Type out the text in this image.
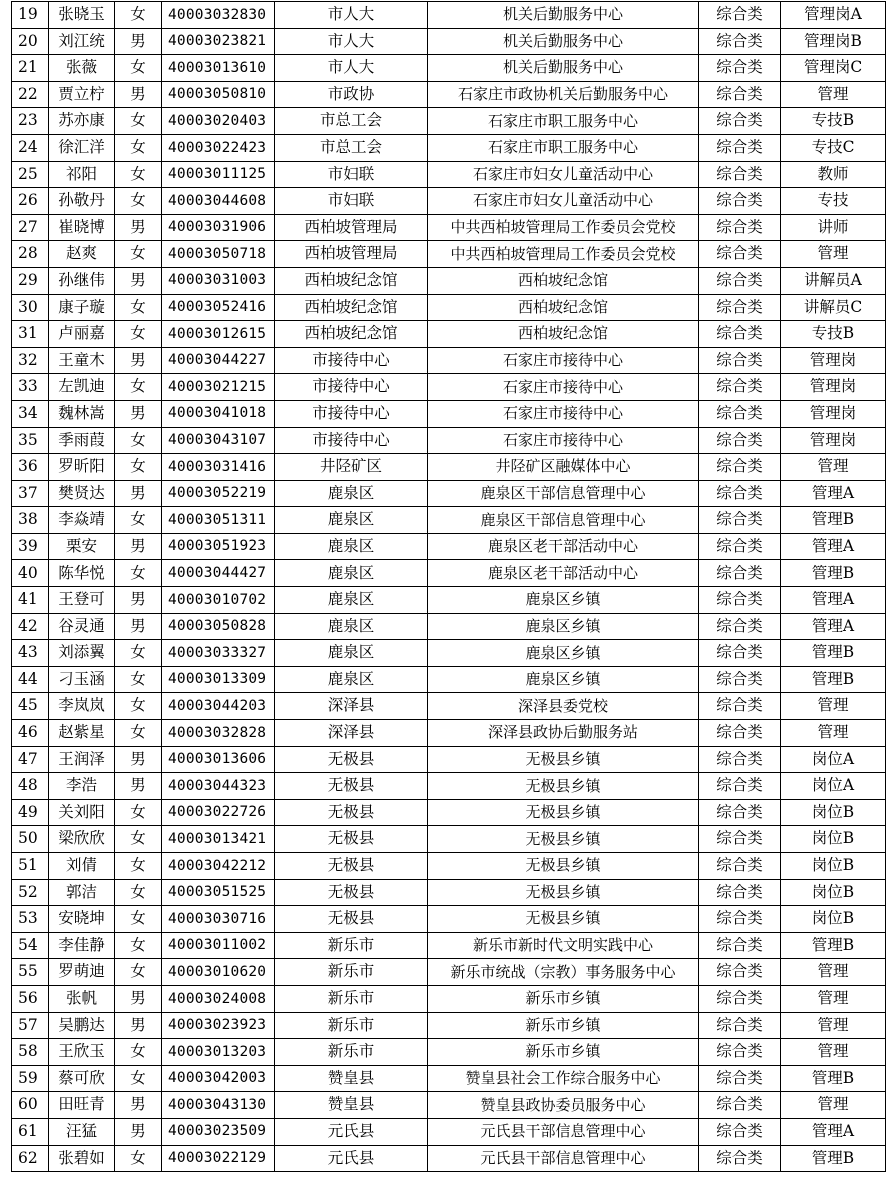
19	张晓玉	女	40003032830	市人大	机关后勤服务中心	综合类	管理岗A
20	刘江统	男	40003023821	市人大	机关后勤服务中心	综合类	管理岗B
21	张薇	女	40003013610	市人大	机关后勤服务中心	综合类	管理岗C
22	贾立柠	男	40003050810	市政协	石家庄市政协机关后勤服务中心	综合类	管理
23	苏亦康	女	40003020403	市总工会	石家庄市职工服务中心	综合类	专技B
24	徐汇洋	女	40003022423	市总工会	石家庄市职工服务中心	综合类	专技C
25	祁阳	女	40003011125	市妇联	石家庄市妇女儿童活动中心	综合类	教师
26	孙敬丹	女	40003044608	市妇联	石家庄市妇女儿童活动中心	综合类	专技
27	崔晓博	男	40003031906	西柏坡管理局	中共西柏坡管理局工作委员会党校	综合类	讲师
28	赵爽	女	40003050718	西柏坡管理局	中共西柏坡管理局工作委员会党校	综合类	管理
29	孙继伟	男	40003031003	西柏坡纪念馆	西柏坡纪念馆	综合类	讲解员A
30	康子璇	女	40003052416	西柏坡纪念馆	西柏坡纪念馆	综合类	讲解员C
31	卢丽嘉	女	40003012615	西柏坡纪念馆	西柏坡纪念馆	综合类	专技B
32	王童木	男	40003044227	市接待中心	石家庄市接待中心	综合类	管理岗
33	左凯迪	女	40003021215	市接待中心	石家庄市接待中心	综合类	管理岗
34	魏林嵩	男	40003041018	市接待中心	石家庄市接待中心	综合类	管理岗
35	季雨葭	女	40003043107	市接待中心	石家庄市接待中心	综合类	管理岗
36	罗昕阳	女	40003031416	井陉矿区	井陉矿区融媒体中心	综合类	管理
37	樊贤达	男	40003052219	鹿泉区	鹿泉区干部信息管理中心	综合类	管理A
38	李焱靖	女	40003051311	鹿泉区	鹿泉区干部信息管理中心	综合类	管理B
39	栗安	男	40003051923	鹿泉区	鹿泉区老干部活动中心	综合类	管理A
40	陈华悦	女	40003044427	鹿泉区	鹿泉区老干部活动中心	综合类	管理B
41	王登可	男	40003010702	鹿泉区	鹿泉区乡镇	综合类	管理A
42	谷灵通	男	40003050828	鹿泉区	鹿泉区乡镇	综合类	管理A
43	刘添翼	女	40003033327	鹿泉区	鹿泉区乡镇	综合类	管理B
44	刁玉涵	女	40003013309	鹿泉区	鹿泉区乡镇	综合类	管理B
45	李岚岚	女	40003044203	深泽县	深泽县委党校	综合类	管理
46	赵紫星	女	40003032828	深泽县	深泽县政协后勤服务站	综合类	管理
47	王润泽	男	40003013606	无极县	无极县乡镇	综合类	岗位A
48	李浩	男	40003044323	无极县	无极县乡镇	综合类	岗位A
49	关刘阳	女	40003022726	无极县	无极县乡镇	综合类	岗位B
50	梁欣欣	女	40003013421	无极县	无极县乡镇	综合类	岗位B
51	刘倩	女	40003042212	无极县	无极县乡镇	综合类	岗位B
52	郭洁	女	40003051525	无极县	无极县乡镇	综合类	岗位B
53	安晓坤	女	40003030716	无极县	无极县乡镇	综合类	岗位B
54	李佳静	女	40003011002	新乐市	新乐市新时代文明实践中心	综合类	管理B
55	罗萌迪	女	40003010620	新乐市	新乐市统战（宗教）事务服务中心	综合类	管理
56	张帆	男	40003024008	新乐市	新乐市乡镇	综合类	管理
57	吴鹏达	男	40003023923	新乐市	新乐市乡镇	综合类	管理
58	王欣玉	女	40003013203	新乐市	新乐市乡镇	综合类	管理
59	蔡可欣	女	40003042003	赞皇县	赞皇县社会工作综合服务中心	综合类	管理B
60	田旺青	男	40003043130	赞皇县	赞皇县政协委员服务中心	综合类	管理
61	汪猛	男	40003023509	元氏县	元氏县干部信息管理中心	综合类	管理A
62	张碧如	女	40003022129	元氏县	元氏县干部信息管理中心	综合类	管理B
